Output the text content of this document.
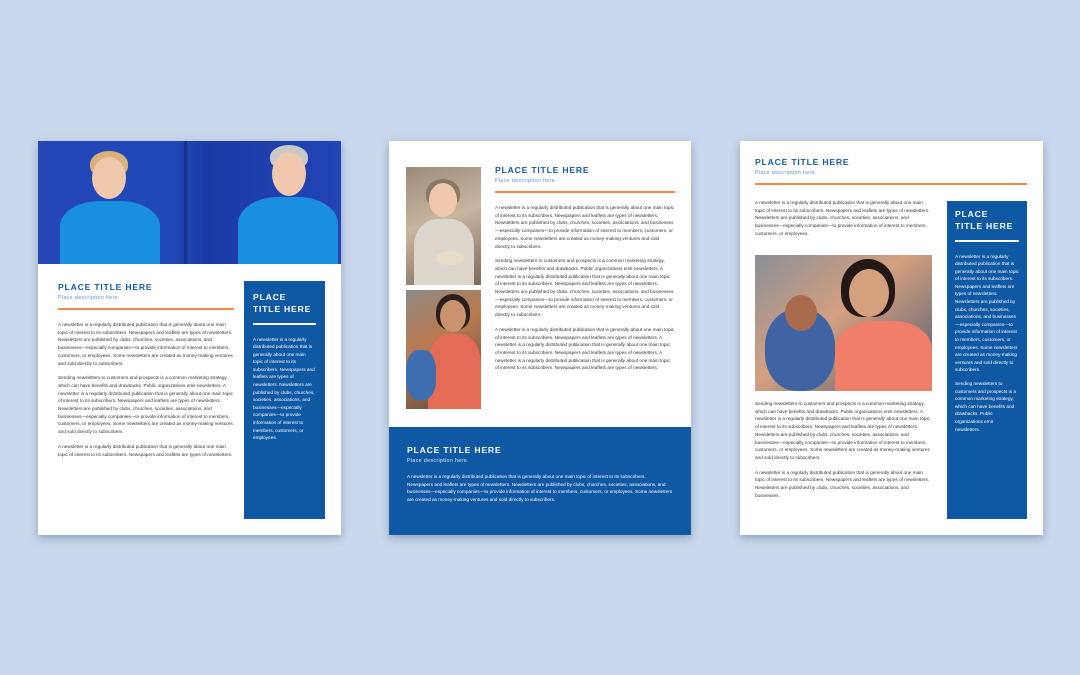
PLACE TITLE HERE

Place description here.

A newsletter is a regularly distributed publication that is generally about one main topic of interest to its subscribers. Newspapers and leaflets are types of newsletters. Newsletters are published by clubs, churches, societies, associations, and businesses—especially companies—to provide information of interest to members, customers, or employees. Some newsletters are created as money-making ventures and sold directly to subscribers.

Sending newsletters to customers and prospects is a common marketing strategy, which can have benefits and drawbacks. Public organizations emit newsletters. A newsletter is a regularly distributed publication that is generally about one main topic of interest to its subscribers. Newspapers and leaflets are types of newsletters. Newsletters are published by clubs, churches, societies, associations, and businesses—especially companies—to provide information of interest to members, customers, or employees. Some newsletters are created as money-making ventures and sold directly to subscribers.

A newsletter is a regularly distributed publication that is generally about one main topic of interest to its subscribers. Newspapers and leaflets are types of newsletters.

PLACE TITLE HERE

A newsletter is a regularly distributed publication that is generally about one main topic of interest to its subscribers. Newspapers and leaflets are types of newsletters. Newsletters are published by clubs, churches, societies, associations, and businesses—especially companies—to provide information of interest to members, customers, or employees.

PLACE TITLE HERE

Place description here.

A newsletter is a regularly distributed publication that is generally about one main topic of interest to its subscribers. Newspapers and leaflets are types of newsletters. Newsletters are published by clubs, churches, societies, associations, and businesses—especially companies—to provide information of interest to members, customers, or employees. Some newsletters are created as money-making ventures and sold directly to subscribers.

Sending newsletters to customers and prospects is a common marketing strategy, which can have benefits and drawbacks. Public organizations emit newsletters. A newsletter is a regularly distributed publication that is generally about one main topic of interest to its subscribers. Newspapers and leaflets are types of newsletters. Newsletters are published by clubs, churches, societies, associations, and businesses—especially companies—to provide information of interest to members, customers, or employees. Some newsletters are created as money-making ventures and sold directly to subscribers.

A newsletter is a regularly distributed publication that is generally about one main topic of interest to its subscribers. Newspapers and leaflets are types of newsletters. A newsletter is a regularly distributed publication that is generally about one main topic of interest to its subscribers. Newspapers and leaflets are types of newsletters. A newsletter is a regularly distributed publication that is generally about one main topic of interest to its subscribers. Newspapers and leaflets are types of newsletters.

PLACE TITLE HERE

Place description here.

A newsletter is a regularly distributed publication that is generally about one main topic of interest to its subscribers. Newspapers and leaflets are types of newsletters. Newsletters are published by clubs, churches, societies, associations, and businesses—especially companies—to provide information of interest to members, customers, or employees. Some newsletters are created as money-making ventures and sold directly to subscribers.

PLACE TITLE HERE

Place description here.

A newsletter is a regularly distributed publication that is generally about one main topic of interest to its subscribers. Newspapers and leaflets are types of newsletters. Newsletters are published by clubs, churches, societies, associations, and businesses—especially companies—to provide information of interest to members, customers, or employees.

Sending newsletters to customers and prospects is a common marketing strategy, which can have benefits and drawbacks. Public organizations emit newsletters. A newsletter is a regularly distributed publication that is generally about one main topic of interest to its subscribers. Newspapers and leaflets are types of newsletters. Newsletters are published by clubs, churches, societies, associations, and businesses—especially companies—to provide information of interest to members, customers, or employees. Some newsletters are created as money-making ventures and sold directly to subscribers.

A newsletter is a regularly distributed publication that is generally about one main topic of interest to its subscribers. Newspapers and leaflets are types of newsletters. Newsletters are published by clubs, churches, societies, associations, and businesses.

PLACE TITLE HERE

A newsletter is a regularly distributed publication that is generally about one main topic of interest to its subscribers. Newspapers and leaflets are types of newsletters. Newsletters are published by clubs, churches, societies, associations, and businesses—especially companies—to provide information of interest to members, customers, or employees. Some newsletters are created as money-making ventures and sold directly to subscribers.

Sending newsletters to customers and prospects is a common marketing strategy, which can have benefits and drawbacks. Public organizations emit newsletters.
